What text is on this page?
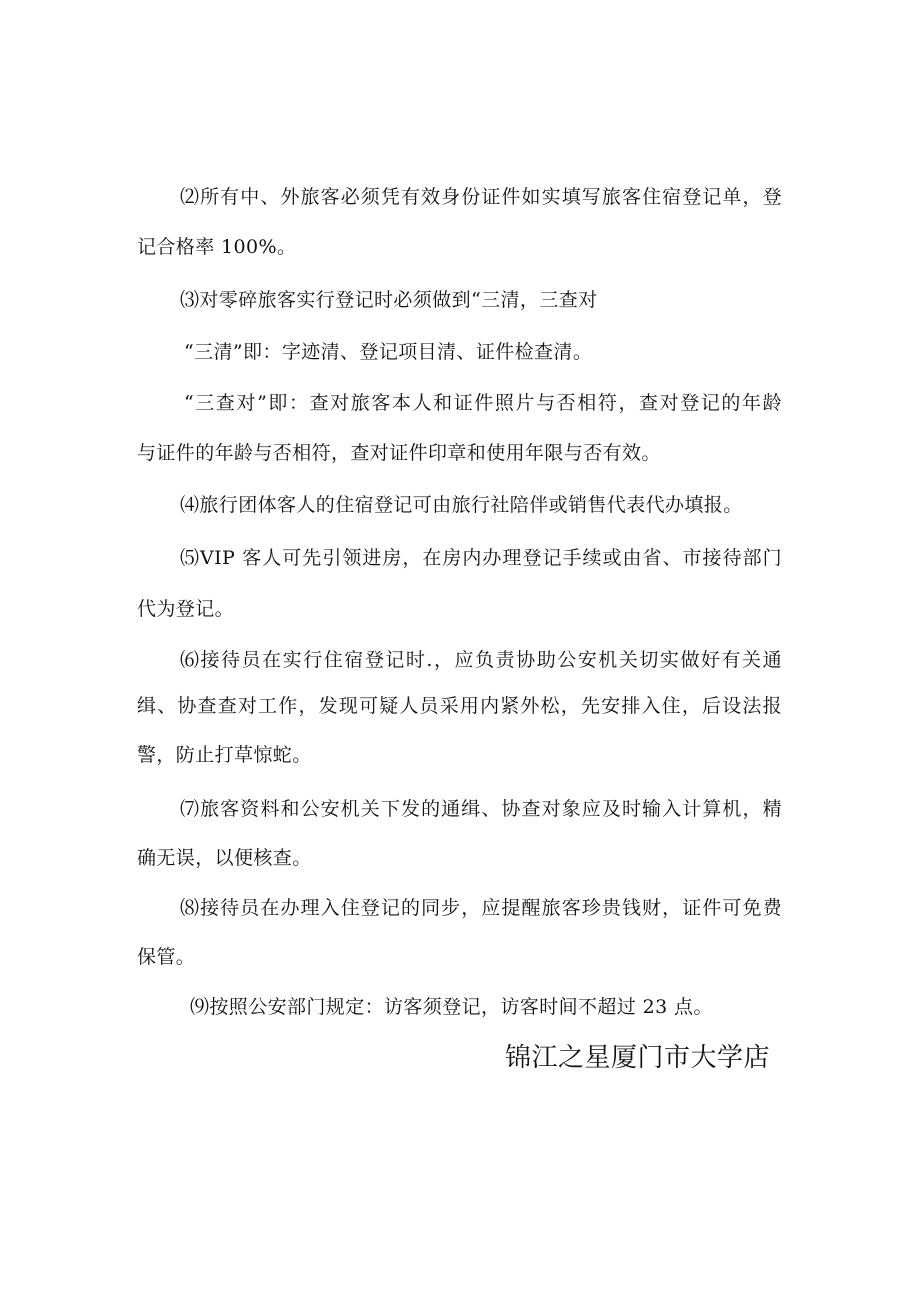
⑵所有中、外旅客必须凭有效身份证件如实填写旅客住宿登记单，登
记合格率 100%。
⑶对零碎旅客实行登记时必须做到“三清，三查对
“三清”即：字迹清、登记项目清、证件检查清。
“三查对”即：查对旅客本人和证件照片与否相符，查对登记的年龄
与证件的年龄与否相符，查对证件印章和使用年限与否有效。
⑷旅行团体客人的住宿登记可由旅行社陪伴或销售代表代办填报。
⑸VIP 客人可先引领进房，在房内办理登记手续或由省、市接待部门
代为登记。
⑹接待员在实行住宿登记时.，应负责协助公安机关切实做好有关通
缉、协查查对工作，发现可疑人员采用内紧外松，先安排入住，后设法报
警，防止打草惊蛇。
⑺旅客资料和公安机关下发的通缉、协查对象应及时输入计算机，精
确无误，以便核查。
⑻接待员在办理入住登记的同步，应提醒旅客珍贵钱财，证件可免费
保管。
⑼按照公安部门规定：访客须登记，访客时间不超过 23 点。
锦江之星厦门市大学店
